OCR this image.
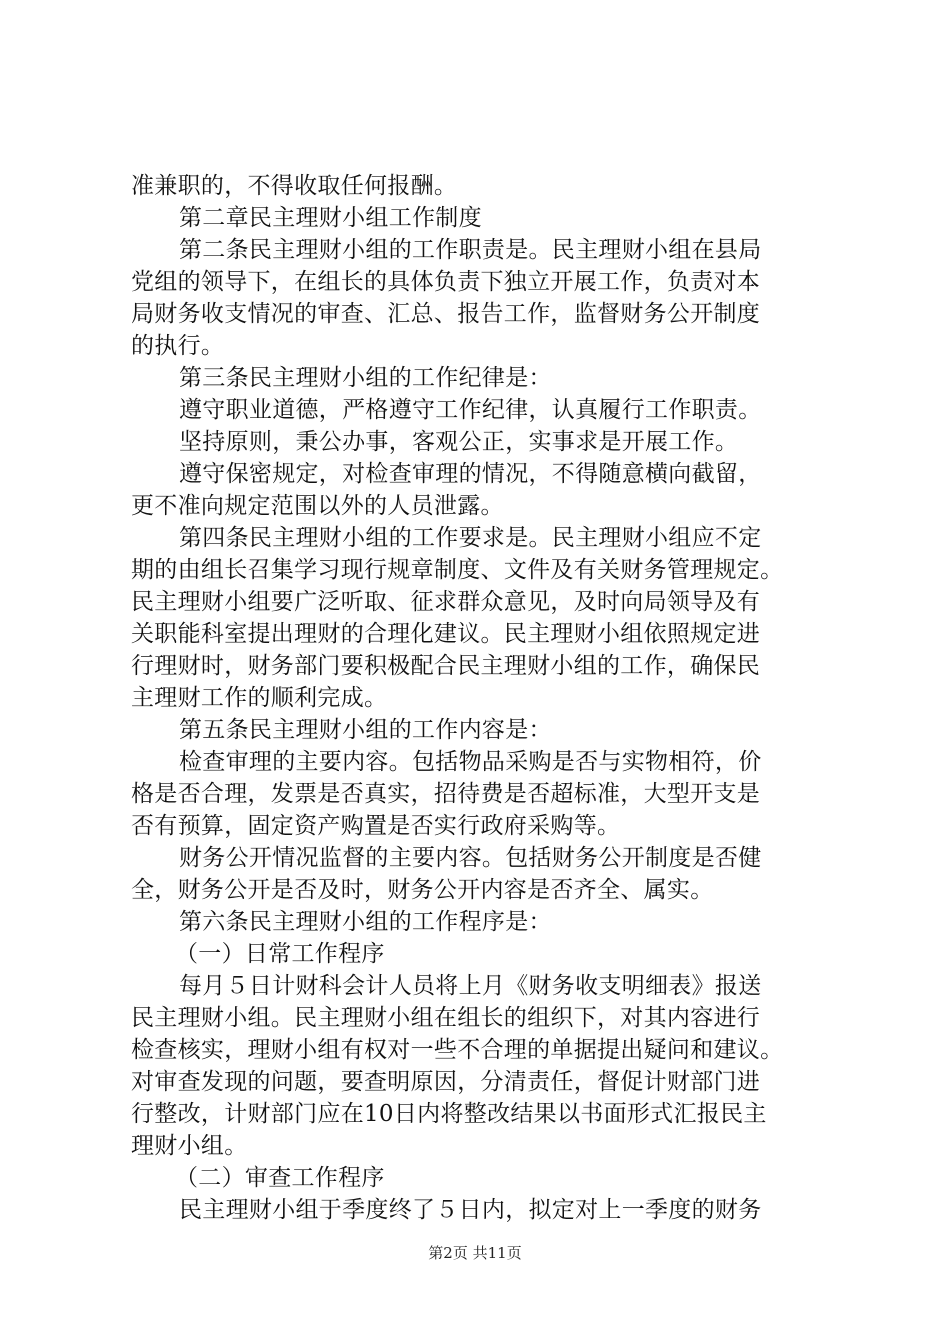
准兼职的，不得收取任何报酬。
第二章民主理财小组工作制度
第二条民主理财小组的工作职责是。民主理财小组在县局
党组的领导下，在组长的具体负责下独立开展工作，负责对本
局财务收支情况的审查、汇总、报告工作，监督财务公开制度
的执行。
第三条民主理财小组的工作纪律是：
遵守职业道德，严格遵守工作纪律，认真履行工作职责。
坚持原则，秉公办事，客观公正，实事求是开展工作。
遵守保密规定，对检查审理的情况，不得随意横向截留，
更不准向规定范围以外的人员泄露。
第四条民主理财小组的工作要求是。民主理财小组应不定
期的由组长召集学习现行规章制度、文件及有关财务管理规定。
民主理财小组要广泛听取、征求群众意见，及时向局领导及有
关职能科室提出理财的合理化建议。民主理财小组依照规定进
行理财时，财务部门要积极配合民主理财小组的工作，确保民
主理财工作的顺利完成。
第五条民主理财小组的工作内容是：
检查审理的主要内容。包括物品采购是否与实物相符，价
格是否合理，发票是否真实，招待费是否超标准，大型开支是
否有预算，固定资产购置是否实行政府采购等。
财务公开情况监督的主要内容。包括财务公开制度是否健
全，财务公开是否及时，财务公开内容是否齐全、属实。
第六条民主理财小组的工作程序是：
（一）日常工作程序
每月５日计财科会计人员将上月《财务收支明细表》报送
民主理财小组。民主理财小组在组长的组织下，对其内容进行
检查核实，理财小组有权对一些不合理的单据提出疑问和建议。
对审查发现的问题，要查明原因，分清责任，督促计财部门进
行整改，计财部门应在10日内将整改结果以书面形式汇报民主
理财小组。
（二）审查工作程序
民主理财小组于季度终了５日内，拟定对上一季度的财务
第2页 共11页
